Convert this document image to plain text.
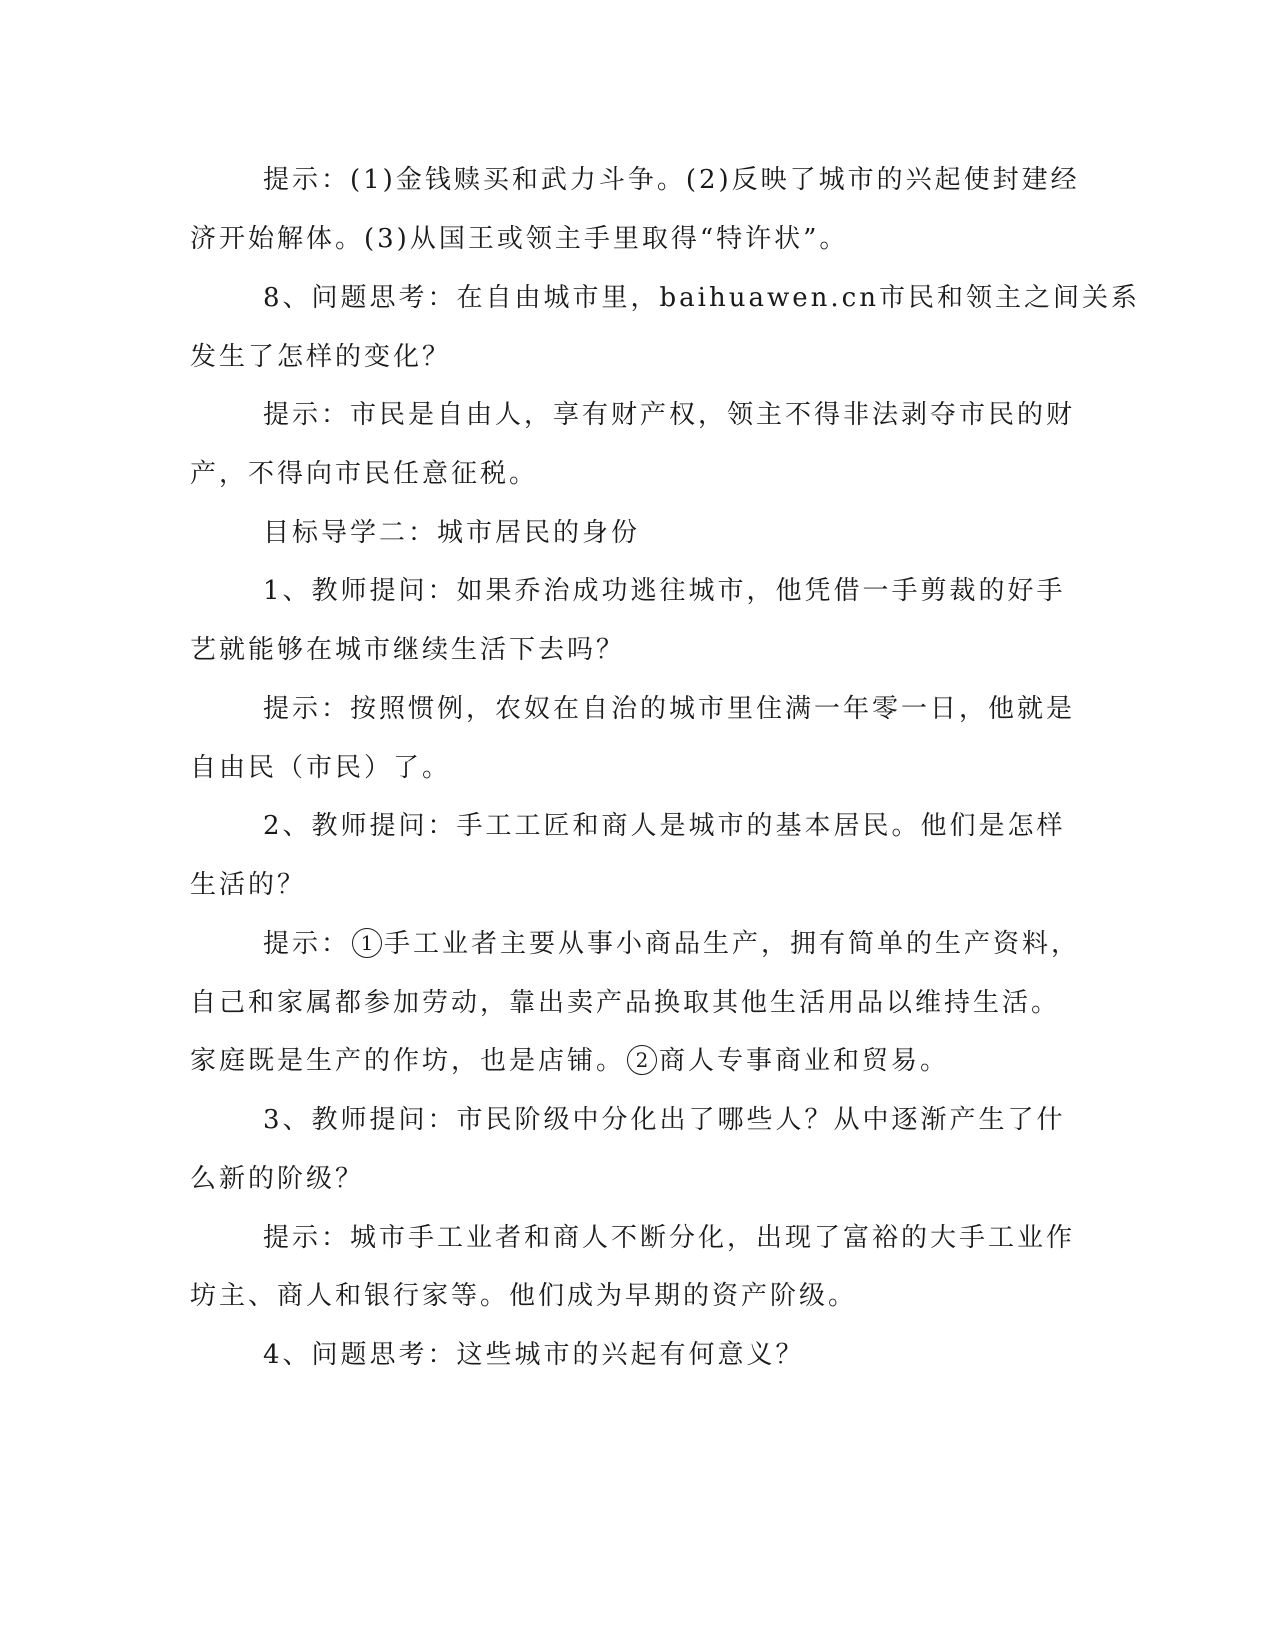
提示：(1)金钱赎买和武力斗争。(2)反映了城市的兴起使封建经
济开始解体。(3)从国王或领主手里取得“特许状”。
8、问题思考：在自由城市里，baihuawen.cn市民和领主之间关系
发生了怎样的变化？
提示：市民是自由人，享有财产权，领主不得非法剥夺市民的财
产，不得向市民任意征税。
目标导学二：城市居民的身份
1、教师提问：如果乔治成功逃往城市，他凭借一手剪裁的好手
艺就能够在城市继续生活下去吗？
提示：按照惯例，农奴在自治的城市里住满一年零一日，他就是
自由民（市民）了。
2、教师提问：手工工匠和商人是城市的基本居民。他们是怎样
生活的？
提示： 1 手工业者主要从事小商品生产，拥有简单的生产资料，
自己和家属都参加劳动，靠出卖产品换取其他生活用品以维持生活。
家庭既是生产的作坊，也是店铺。 2 商人专事商业和贸易。
3、教师提问：市民阶级中分化出了哪些人？从中逐渐产生了什
么新的阶级？
提示：城市手工业者和商人不断分化，出现了富裕的大手工业作
坊主、商人和银行家等。他们成为早期的资产阶级。
4、问题思考：这些城市的兴起有何意义？
